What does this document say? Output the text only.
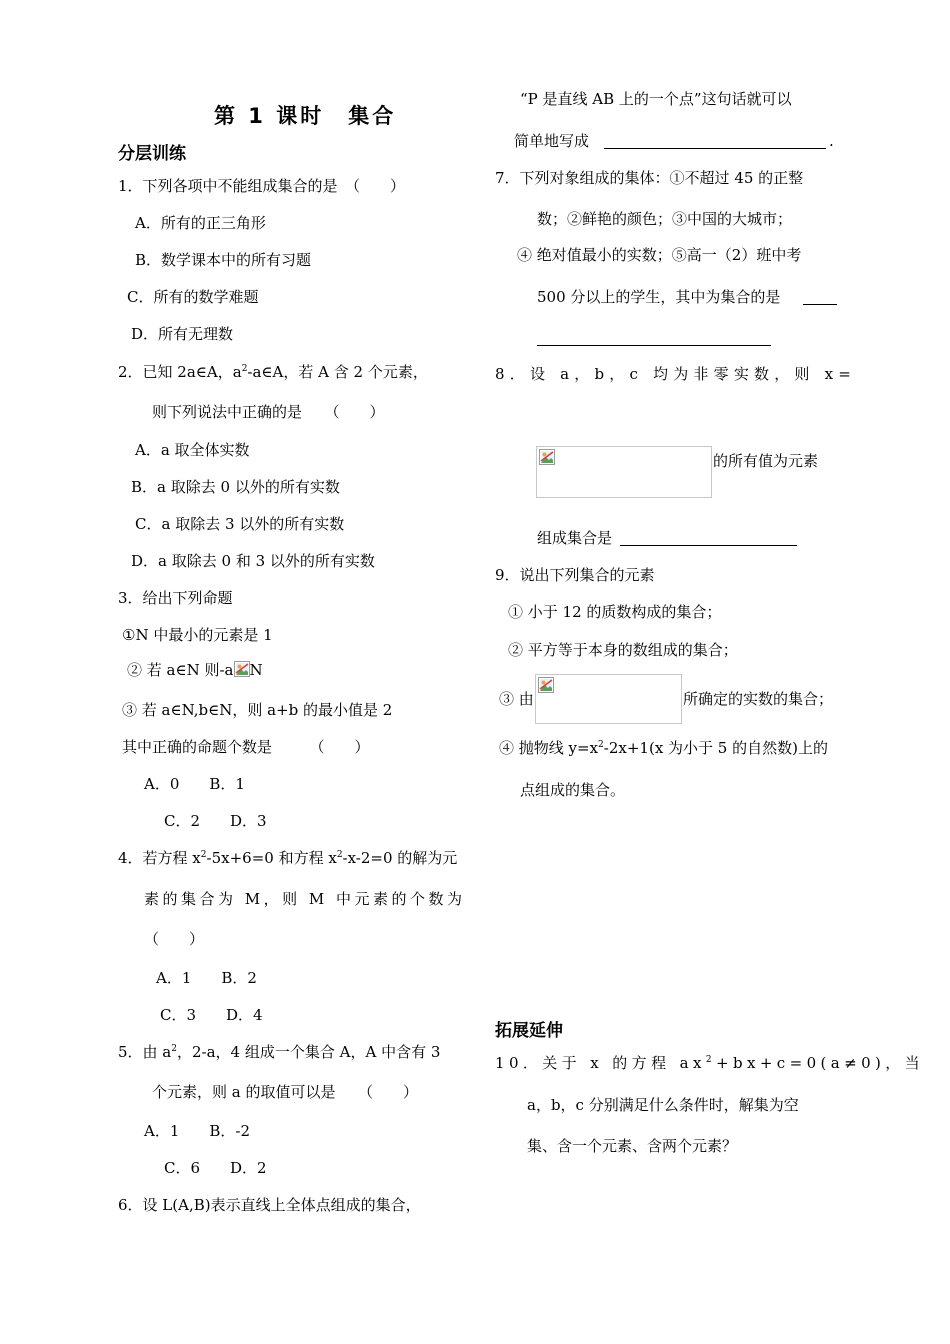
第 1 课时　集合
分层训练
1．下列各项中不能组成集合的是　（　　）
A．所有的正三角形
B．数学课本中的所有习题
C．所有的数学难题
D．所有无理数
2．已知 2a∈A，$a^2-a\in A$，若 A 含 2 个元素，
则下列说法中正确的是　　（　　）
A．a 取全体实数
B．a 取除去 0 以外的所有实数
C．a 取除去 3 以外的所有实数
D．a 取除去 0 和 3 以外的所有实数
3．给出下列命题
①N 中最小的元素是 1
② 若 a∈N 则-a N
③ 若 a∈N,b∈N，则 a+b 的最小值是 2
其中正确的命题个数是　　　（　　）
A．0　　B．1
C．2　　D．3
4．若方程 $x^2-5x+6=0$ 和方程 $x^2-x-2=0$ 的解为元
素的集合为 M，则 M 中元素的个数为
（　　）
A．1　　B．2
C．3　　D．4
5．由 $a^2$，2-a，4 组成一个集合 A，A 中含有 3
个元素，则 a 的取值可以是　　（　　）
A．1　　B．-2
C．6　　D．2
6．设 L(A,B)表示直线上全体点组成的集合，
“P 是直线 AB 上的一个点”这句话就可以
简单地写成	.
7．下列对象组成的集体：①不超过 45 的正整
数；②鲜艳的颜色；③中国的大城市；
④ 绝对值最小的实数；⑤高一（2）班中考
500 分以上的学生，其中为集合的是
8．设 a，b，c 均为非零实数，则 x=
的所有值为元素
组成集合是
9．说出下列集合的元素
① 小于 12 的质数构成的集合；
② 平方等于本身的数组成的集合；
③ 由	所确定的实数的集合；
④ 抛物线 $y=x^2-2x+1(x$ 为小于 5 的自然数)上的
点组成的集合。
拓展延伸
10．关于 x 的方程 $ax^2+bx+c=0(a\ne 0)$，当
a，b，c 分别满足什么条件时，解集为空
集、含一个元素、含两个元素？
